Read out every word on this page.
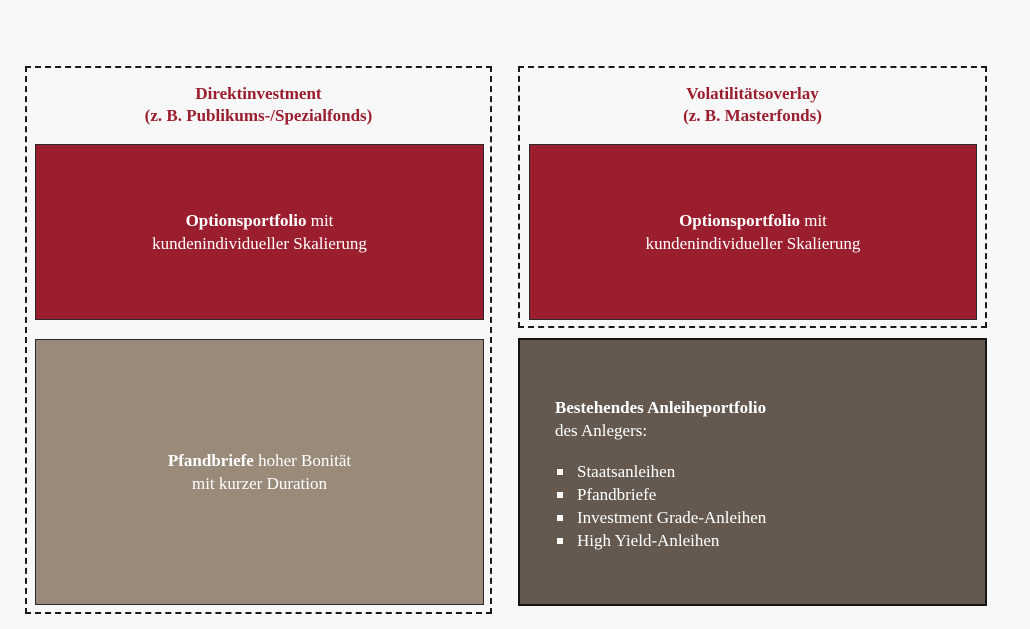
Direktinvestment
(z. B. Publikums-/Spezialfonds)
Volatilitätsoverlay
(z. B. Masterfonds)
Optionsportfolio mit
kundenindividueller Skalierung
Pfandbriefe hoher Bonität
mit kurzer Duration
Optionsportfolio mit
kundenindividueller Skalierung
Bestehendes Anleiheportfolio
des Anlegers:
Staatsanleihen
Pfandbriefe
Investment Grade-Anleihen
High Yield-Anleihen
